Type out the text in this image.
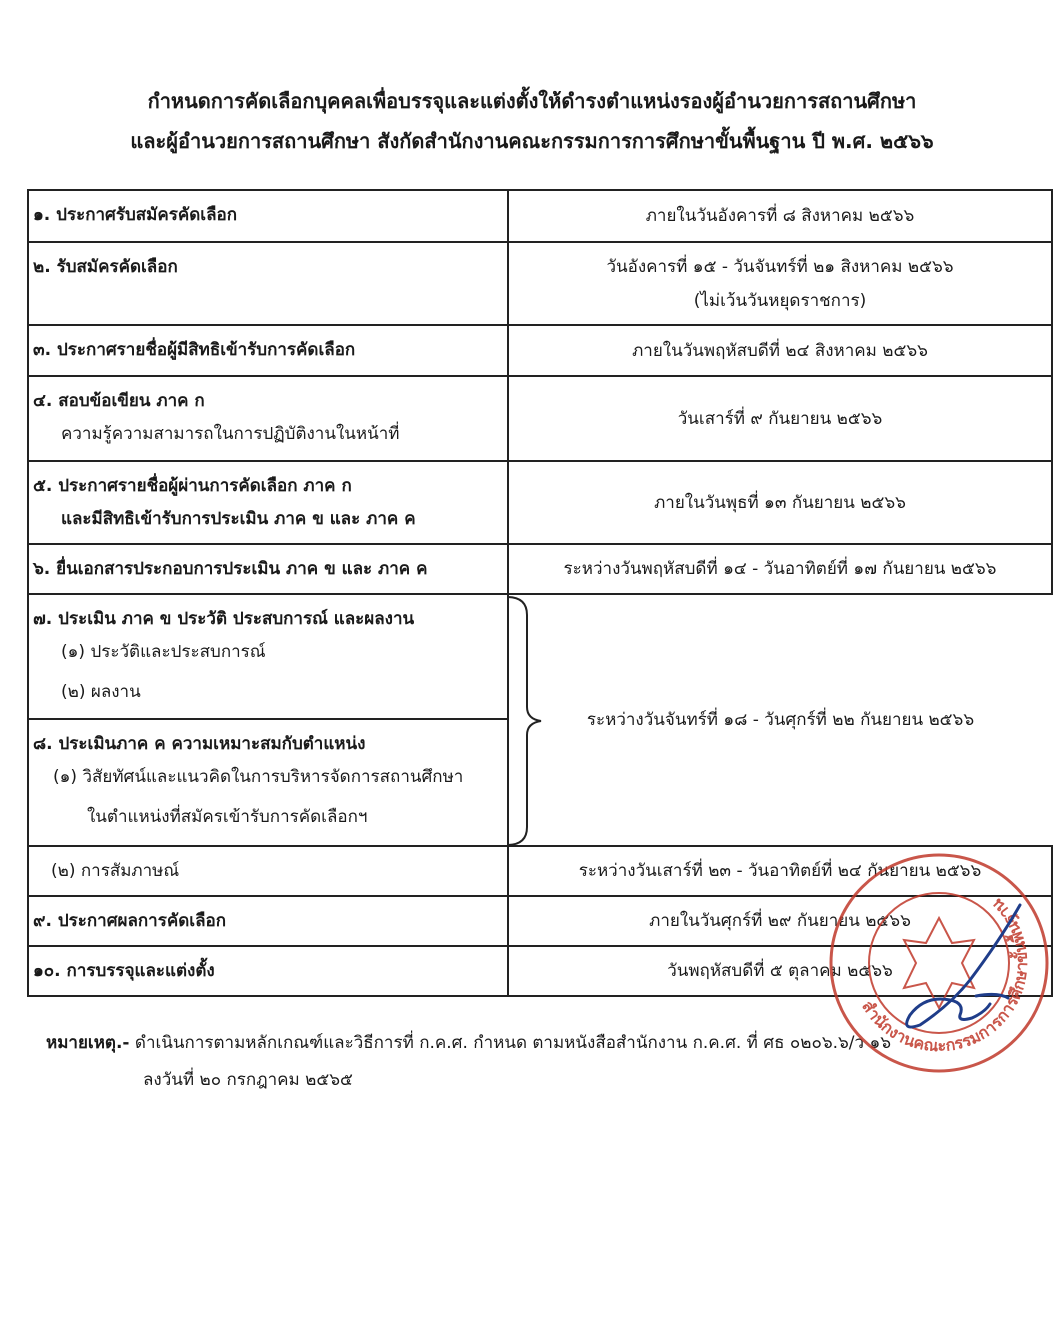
กำหนดการคัดเลือกบุคคลเพื่อบรรจุและแต่งตั้งให้ดำรงตำแหน่งรองผู้อำนวยการสถานศึกษา
และผู้อำนวยการสถานศึกษา สังกัดสำนักงานคณะกรรมการการศึกษาขั้นพื้นฐาน ปี พ.ศ. ๒๕๖๖
๑. ประกาศรับสมัครคัดเลือก	ภายในวันอังคารที่ ๘ สิงหาคม ๒๕๖๖
๒. รับสมัครคัดเลือก	วันอังคารที่ ๑๕ - วันจันทร์ที่ ๒๑ สิงหาคม ๒๕๖๖
(ไม่เว้นวันหยุดราชการ)

๓. ประกาศรายชื่อผู้มีสิทธิเข้ารับการคัดเลือก	ภายในวันพฤหัสบดีที่ ๒๔ สิงหาคม ๒๕๖๖

๔. สอบข้อเขียน ภาค ก
ความรู้ความสามารถในการปฏิบัติงานในหน้าที่	วันเสาร์ที่ ๙ กันยายน ๒๕๖๖

๕. ประกาศรายชื่อผู้ผ่านการคัดเลือก ภาค ก
และมีสิทธิเข้ารับการประเมิน ภาค ข และ ภาค ค	ภายในวันพุธที่ ๑๓ กันยายน ๒๕๖๖
๖. ยื่นเอกสารประกอบการประเมิน ภาค ข และ ภาค ค	ระหว่างวันพฤหัสบดีที่ ๑๔ - วันอาทิตย์ที่ ๑๗ กันยายน ๒๕๖๖

๗. ประเมิน ภาค ข ประวัติ ประสบการณ์ และผลงาน
(๑) ประวัติและประสบการณ์
(๒) ผลงาน	ระหว่างวันจันทร์ที่ ๑๘ - วันศุกร์ที่ ๒๒ กันยายน ๒๕๖๖

๘. ประเมินภาค ค ความเหมาะสมกับตำแหน่ง
(๑) วิสัยทัศน์และแนวคิดในการบริหารจัดการสถานศึกษา
ในตำแหน่งที่สมัครเข้ารับการคัดเลือกฯ	

(๒) การสัมภาษณ์	ระหว่างวันเสาร์ที่ ๒๓ - วันอาทิตย์ที่ ๒๔ กันยายน ๒๕๖๖
๙. ประกาศผลการคัดเลือก	ภายในวันศุกร์ที่ ๒๙ กันยายน ๒๕๖๖
๑๐. การบรรจุและแต่งตั้ง	วันพฤหัสบดีที่ ๕ ตุลาคม ๒๕๖๖
หมายเหตุ.- ดำเนินการตามหลักเกณฑ์และวิธีการที่ ก.ค.ศ. กำหนด ตามหนังสือสำนักงาน ก.ค.ศ. ที่ ศธ ๐๒๐๖.๖/ว ๑๖
ลงวันที่ ๒๐ กรกฎาคม ๒๕๖๕
สำนักงานคณะกรรมการการศึกษาขั้นพื้นฐาน
